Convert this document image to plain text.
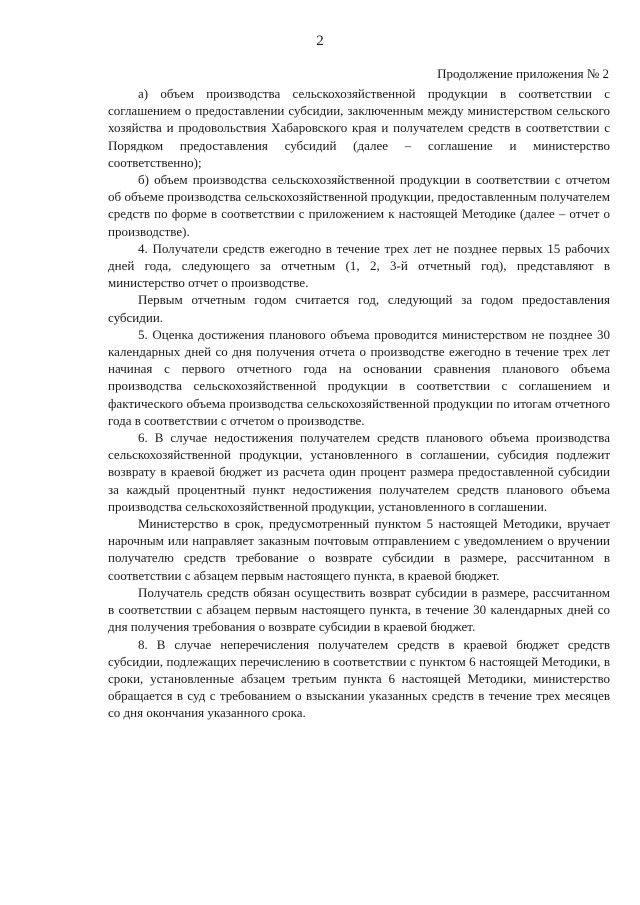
2
Продолжение приложения № 2

а) объем производства сельскохозяйственной продукции в соответствии с соглашением о предоставлении субсидии, заключенным между министерством сельского хозяйства и продовольствия Хабаровского края и получателем средств в соответствии с Порядком предоставления субсидий (далее – соглашение и министерство соответственно);

б) объем производства сельскохозяйственной продукции в соответствии с отчетом об объеме производства сельскохозяйственной продукции, предоставленным получателем средств по форме в соответствии с приложением к настоящей Методике (далее – отчет о производстве).

4. Получатели средств ежегодно в течение трех лет не позднее первых 15 рабочих дней года, следующего за отчетным (1, 2, 3-й отчетный год), представляют в министерство отчет о производстве.

Первым отчетным годом считается год, следующий за годом предоставления субсидии.

5. Оценка достижения планового объема проводится министерством не позднее 30 календарных дней со дня получения отчета о производстве ежегодно в течение трех лет начиная с первого отчетного года на основании сравнения планового объема производства сельскохозяйственной продукции в соответствии с соглашением и фактического объема производства сельскохозяйственной продукции по итогам отчетного года в соответствии с отчетом о производстве.

6. В случае недостижения получателем средств планового объема производства сельскохозяйственной продукции, установленного в соглашении, субсидия подлежит возврату в краевой бюджет из расчета один процент размера предоставленной субсидии за каждый процентный пункт недостижения получателем средств планового объема производства сельскохозяйственной продукции, установленного в соглашении.

Министерство в срок, предусмотренный пунктом 5 настоящей Методики, вручает нарочным или направляет заказным почтовым отправлением с уведомлением о вручении получателю средств требование о возврате субсидии в размере, рассчитанном в соответствии с абзацем первым настоящего пункта, в краевой бюджет.

Получатель средств обязан осуществить возврат субсидии в размере, рассчитанном в соответствии с абзацем первым настоящего пункта, в течение 30 календарных дней со дня получения требования о возврате субсидии в краевой бюджет.

8. В случае неперечисления получателем средств в краевой бюджет средств субсидии, подлежащих перечислению в соответствии с пунктом 6 настоящей Методики, в сроки, установленные абзацем третьим пункта 6 настоящей Методики, министерство обращается в суд с требованием о взыскании указанных средств в течение трех месяцев со дня окончания указанного срока.
